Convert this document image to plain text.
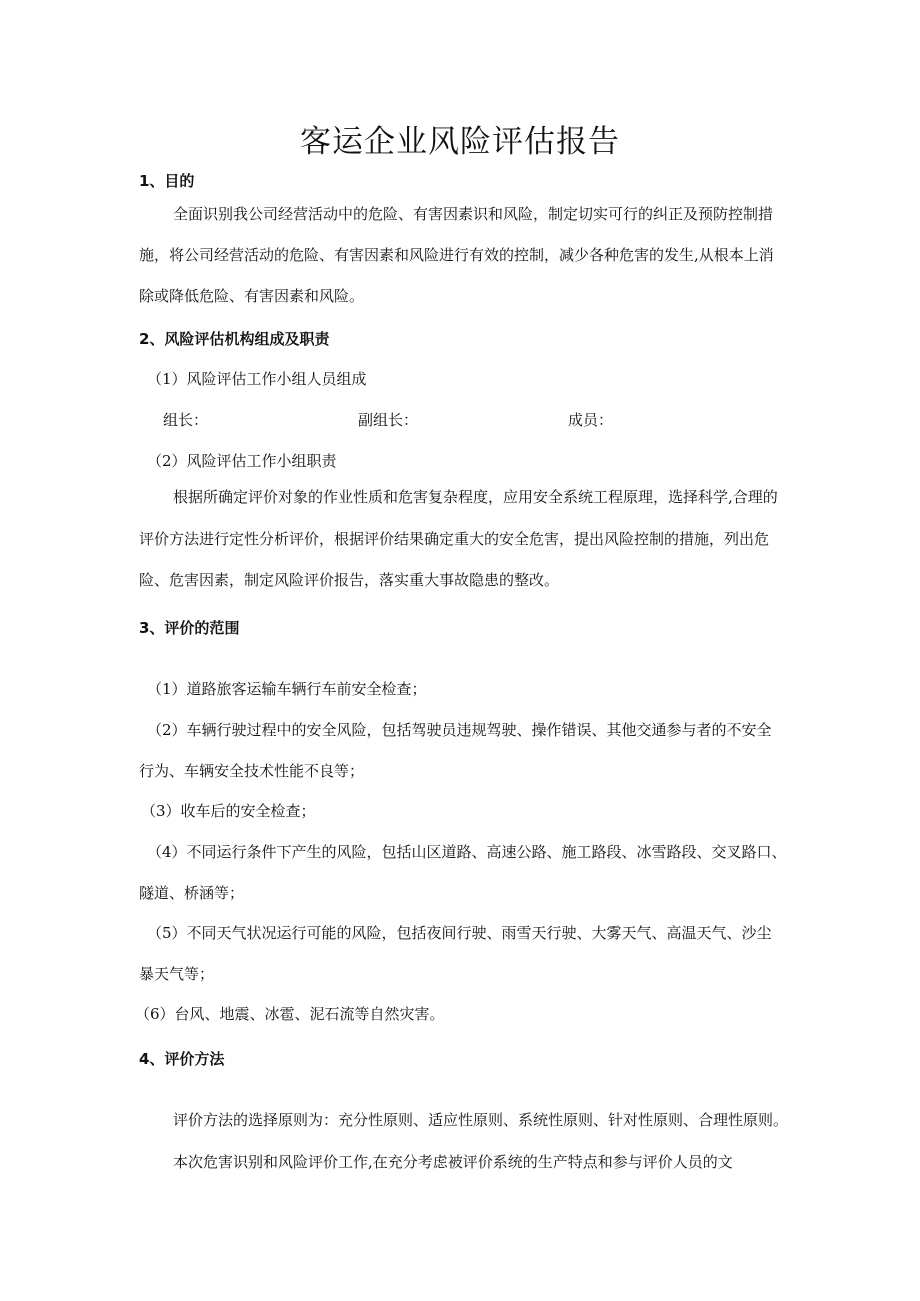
客运企业风险评估报告
1、目的

全面识别我公司经营活动中的危险、有害因素识和风险，制定切实可行的纠正及预防控制措

施，将公司经营活动的危险、有害因素和风险进行有效的控制，减少各种危害的发生,从根本上消

除或降低危险、有害因素和风险。

2、风险评估机构组成及职责

（1）风险评估工作小组人员组成

组长：	副组长：	成员：

（2）风险评估工作小组职责

根据所确定评价对象的作业性质和危害复杂程度，应用安全系统工程原理，选择科学,合理的

评价方法进行定性分析评价，根据评价结果确定重大的安全危害，提出风险控制的措施，列出危

险、危害因素，制定风险评价报告，落实重大事故隐患的整改。

3、评价的范围

（1）道路旅客运输车辆行车前安全检查；

（2）车辆行驶过程中的安全风险，包括驾驶员违规驾驶、操作错误、其他交通参与者的不安全

行为、车辆安全技术性能不良等；

（3）收车后的安全检查；

（4）不同运行条件下产生的风险，包括山区道路、高速公路、施工路段、冰雪路段、交叉路口、

隧道、桥涵等；

（5）不同天气状况运行可能的风险，包括夜间行驶、雨雪天行驶、大雾天气、高温天气、沙尘

暴天气等；

（6）台风、地震、冰雹、泥石流等自然灾害。

4、评价方法

评价方法的选择原则为：充分性原则、适应性原则、系统性原则、针对性原则、合理性原则。

本次危害识别和风险评价工作,在充分考虑被评价系统的生产特点和参与评价人员的文
